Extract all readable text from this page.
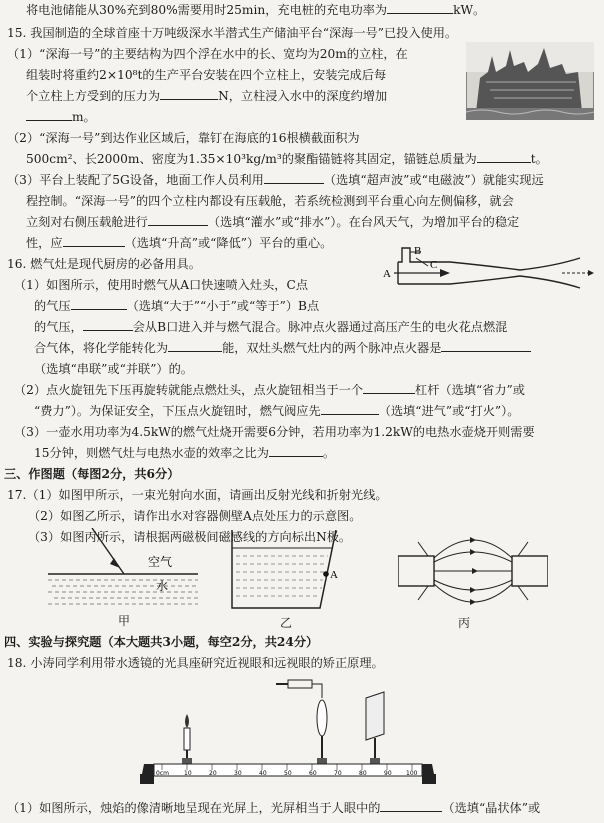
将电池储能从30%充到80%需要用时25min，充电桩的充电功率为	kW。
15. 我国制造的全球首座十万吨级深水半潜式生产储油平台“深海一号”已投入使用。
（1）“深海一号”的主要结构为四个浮在水中的长、宽均为20m的立柱，在
组装时将重约2×10⁸t的生产平台安装在四个立柱上，安装完成后每
个立柱上方受到的压力为	N，立柱浸入水中的深度约增加
m。
（2）“深海一号”到达作业区域后，靠钉在海底的16根横截面积为
500cm²、长2000m、密度为1.35×10³kg/m³的聚酯锚链将其固定，锚链总质量为	t。
（3）平台上装配了5G设备，地面工作人员利用	（选填“超声波”或“电磁波”）就能实现远
程控制。“深海一号”的四个立柱内都设有压载舱，若系统检测到平台重心向左侧偏移，就会
立刻对右侧压载舱进行	（选填“灌水”或“排水”）。在台风天气，为增加平台的稳定
性，应	（选填“升高”或“降低”）平台的重心。
16. 燃气灶是现代厨房的必备用具。
（1）如图所示，使用时燃气从A口快速喷入灶头，C点
的气压	（选填“大于”“小于”或“等于”）B点
的气压，	会从B口进入并与燃气混合。脉冲点火器通过高压产生的电火花点燃混
合气体，将化学能转化为	能，双灶头燃气灶内的两个脉冲点火器是
（选填“串联”或“并联”）的。
A
B
C
（2）点火旋钮先下压再旋转就能点燃灶头，点火旋钮相当于一个	杠杆（选填“省力”或
“费力”）。为保证安全，下压点火旋钮时，燃气阀应先	（选填“进气”或“打火”）。
（3）一壶水用功率为4.5kW的燃气灶烧开需要6分钟，若用功率为1.2kW的电热水壶烧开则需要
15分钟，则燃气灶与电热水壶的效率之比为	。
三、作图题（每图2分，共6分）
17.（1）如图甲所示，一束光射向水面，请画出反射光线和折射光线。
（2）如图乙所示，请作出水对容器侧壁A点处压力的示意图。
（3）如图丙所示，请根据两磁极间磁感线的方向标出N极。
空气
水
甲
A
乙	丙
四、实验与探究题（本大题共3小题，每空2分，共24分）
18. 小涛同学利用带水透镜的光具座研究近视眼和远视眼的矫正原理。
0cm	10	20	30	40	50	60	70	80	90 100
（1）如图所示，烛焰的像清晰地呈现在光屏上，光屏相当于人眼中的	（选填“晶状体”或
